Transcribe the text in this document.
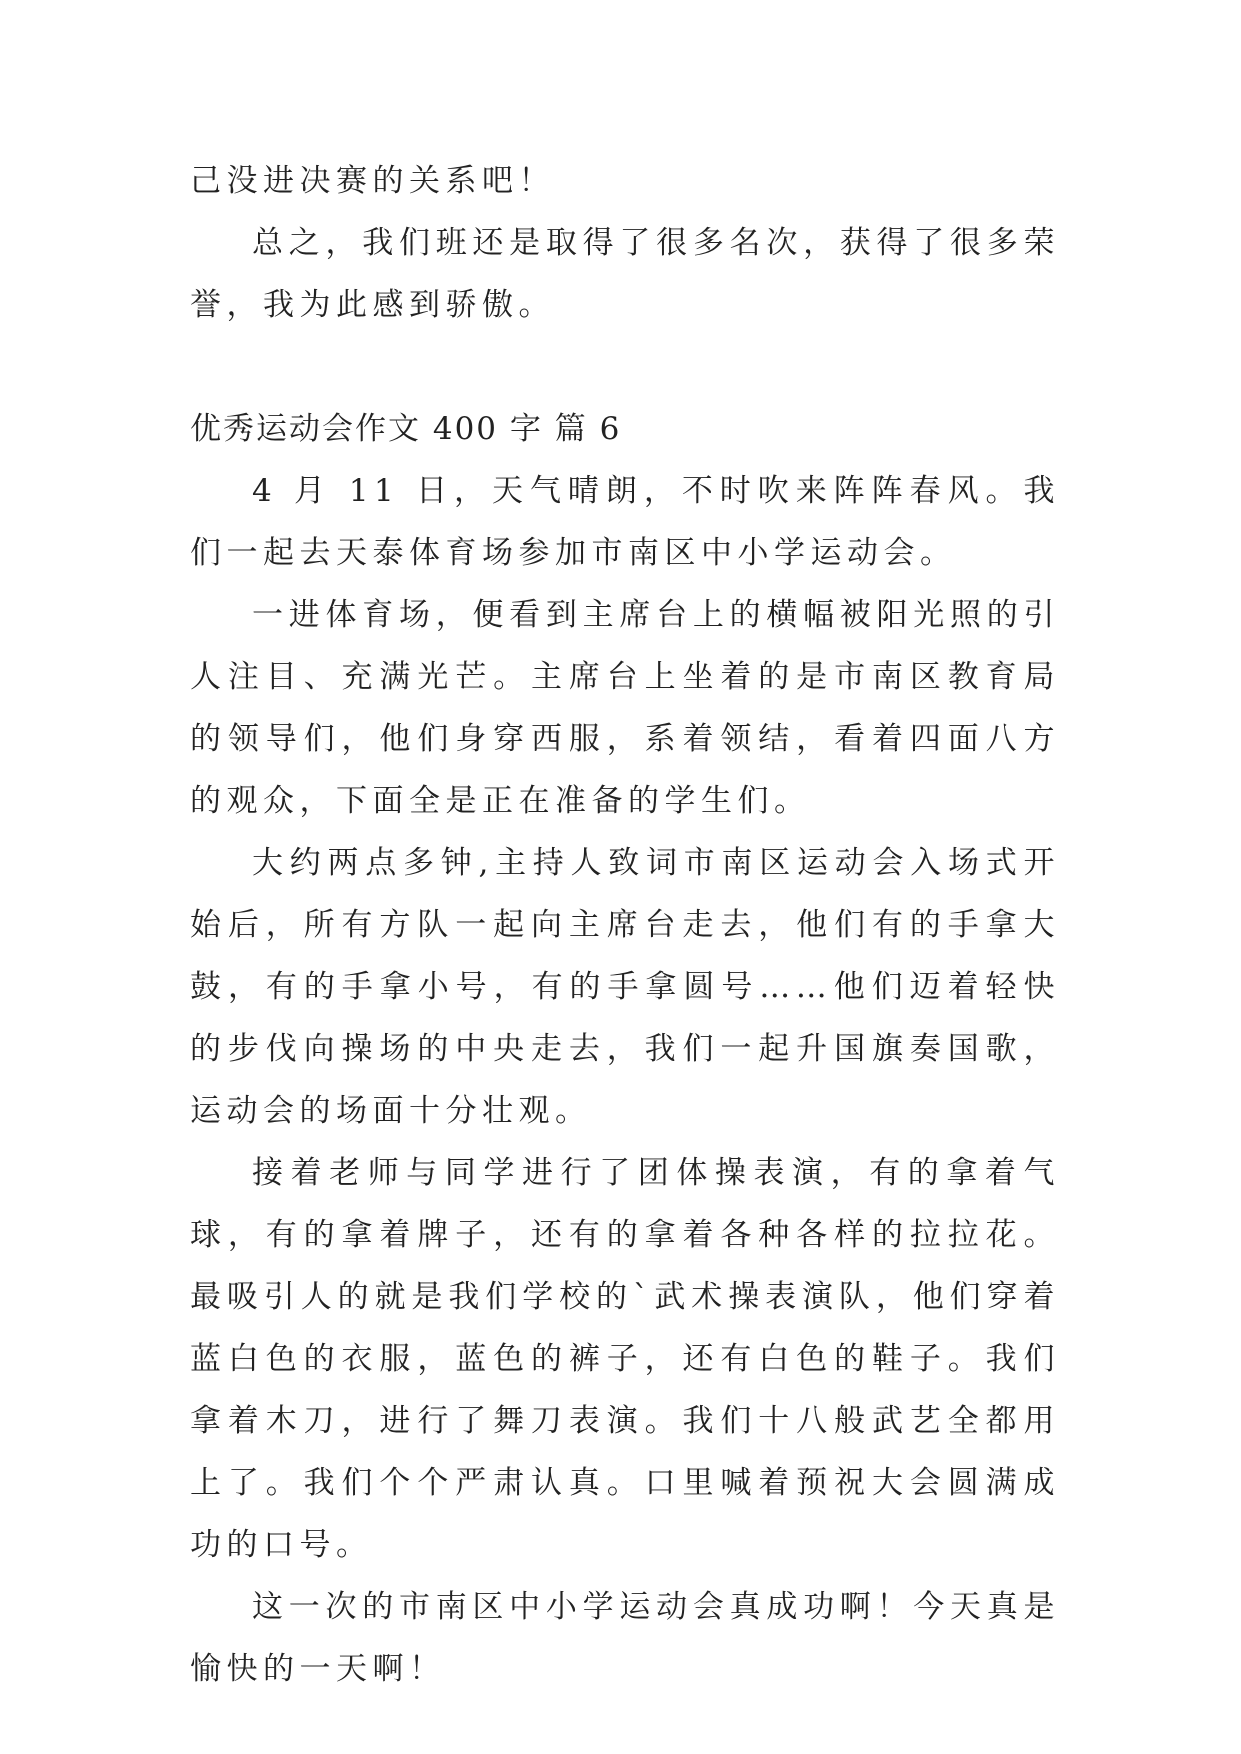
己没进决赛的关系吧！

总之，我们班还是取得了很多名次，获得了很多荣誉，我为此感到骄傲。

优秀运动会作文 400 字 篇 6

4 月 11 日，天气晴朗，不时吹来阵阵春风。我们一起去天泰体育场参加市南区中小学运动会。

一进体育场，便看到主席台上的横幅被阳光照的引人注目、充满光芒。主席台上坐着的是市南区教育局的领导们，他们身穿西服，系着领结，看着四面八方的观众，下面全是正在准备的学生们。

大约两点多钟,主持人致词市南区运动会入场式开始后，所有方队一起向主席台走去，他们有的手拿大鼓，有的手拿小号，有的手拿圆号……他们迈着轻快的步伐向操场的中央走去，我们一起升国旗奏国歌，运动会的场面十分壮观。

接着老师与同学进行了团体操表演，有的拿着气球，有的拿着牌子，还有的拿着各种各样的拉拉花。最吸引人的就是我们学校的`武术操表演队，他们穿着蓝白色的衣服，蓝色的裤子，还有白色的鞋子。我们拿着木刀，进行了舞刀表演。我们十八般武艺全都用上了。我们个个严肃认真。口里喊着预祝大会圆满成功的口号。

这一次的市南区中小学运动会真成功啊！今天真是愉快的一天啊！
